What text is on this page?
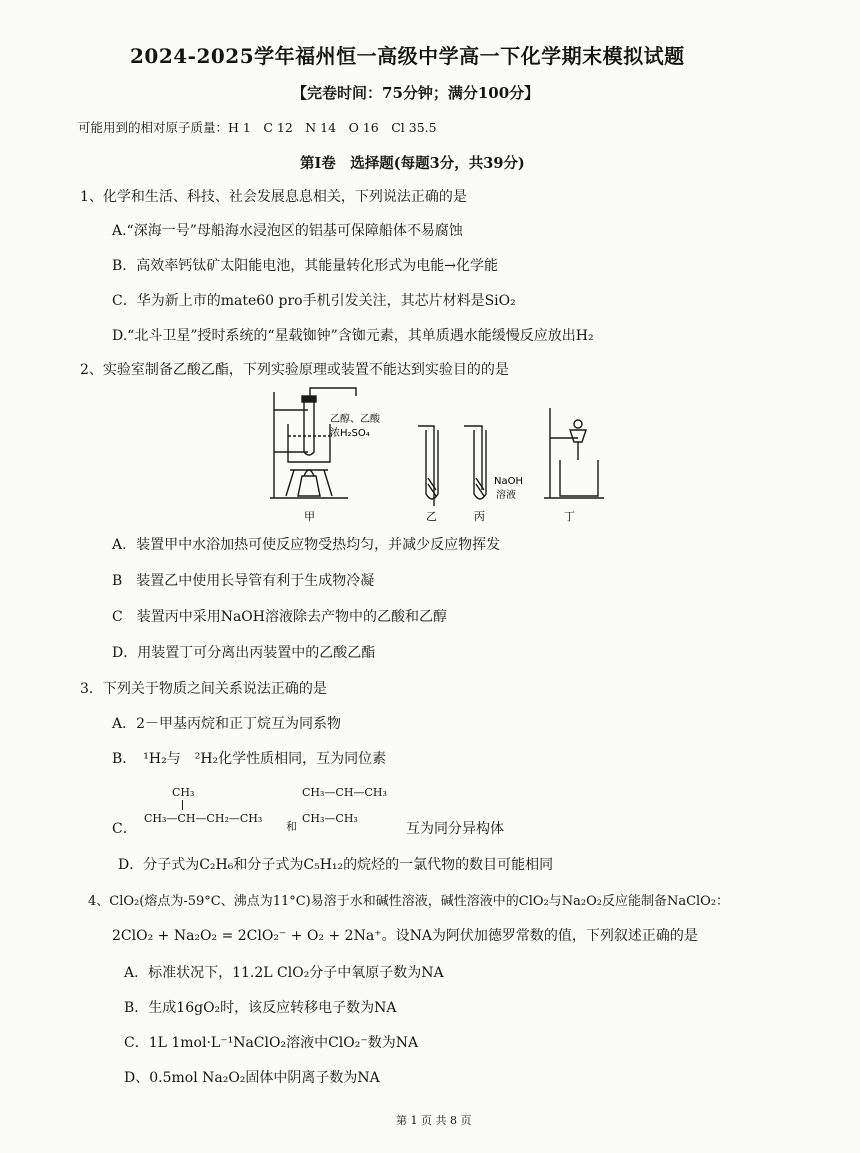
2024-2025学年福州恒一高级中学高一下化学期末模拟试题
【完卷时间：75分钟；满分100分】
可能用到的相对原子质量：H 1　C 12　N 14　O 16　Cl 35.5
第Ⅰ卷　选择题(每题3分，共39分)
1、化学和生活、科技、社会发展息息相关，下列说法正确的是
A.“深海一号”母船海水浸泡区的铝基可保障船体不易腐蚀
B．高效率钙钛矿太阳能电池，其能量转化形式为电能→化学能
C．华为新上市的mate60 pro手机引发关注，其芯片材料是SiO₂
D.“北斗卫星”授时系统的“星载铷钟”含铷元素，其单质遇水能缓慢反应放出H₂
2、实验室制备乙酸乙酯，下列实验原理或装置不能达到实验目的的是
乙醇、乙酸
浓H₂SO₄
NaOH
溶液
甲	乙	丙	丁
A．装置甲中水浴加热可使反应物受热均匀，并减少反应物挥发
B　装置乙中使用长导管有利于生成物冷凝
C　装置丙中采用NaOH溶液除去产物中的乙酸和乙醇
D．用装置丁可分离出丙装置中的乙酸乙酯
3．下列关于物质之间关系说法正确的是
A．2－甲基丙烷和正丁烷互为同系物
B．　¹H₂与　²H₂化学性质相同，互为同位素
CH₃
C．
CH₃—CH—CH₂—CH₃
和
CH₃—CH—CH₃
CH₃—CH₃
互为同分异构体
D．分子式为C₂H₆和分子式为C₅H₁₂的烷烃的一氯代物的数目可能相同
4、ClO₂(熔点为-59°C、沸点为11°C)易溶于水和碱性溶液，碱性溶液中的ClO₂与Na₂O₂反应能制备NaClO₂：
2ClO₂ + Na₂O₂ = 2ClO₂⁻ + O₂ + 2Na⁺。设NA为阿伏加德罗常数的值，下列叙述正确的是
A．标准状况下，11.2L ClO₂分子中氧原子数为NA
B．生成16gO₂时，该反应转移电子数为NA
C．1L 1mol·L⁻¹NaClO₂溶液中ClO₂⁻数为NA
D、0.5mol Na₂O₂固体中阴离子数为NA
第 1 页 共 8 页
